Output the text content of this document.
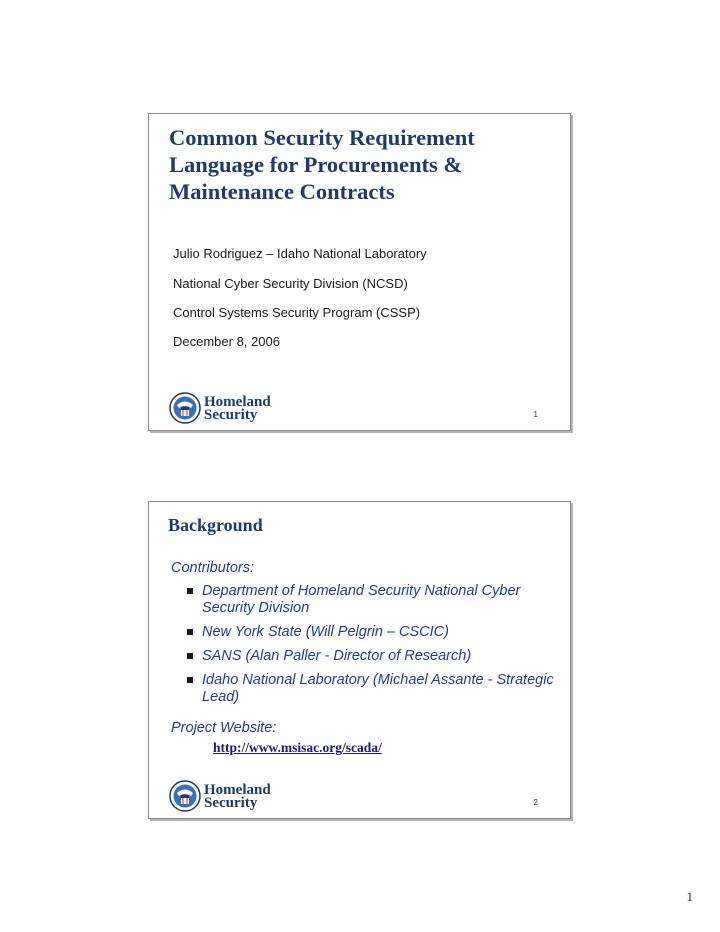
Common Security Requirement Language for Procurements & Maintenance Contracts

Julio Rodriguez – Idaho National Laboratory

National Cyber Security Division (NCSD)

Control Systems Security Program (CSSP)

December 8, 2006

Homeland
Security	1

Background

Contributors:

Department of Homeland Security National Cyber Security Division
New York State (Will Pelgrin – CSCIC)
SANS (Alan Paller - Director of Research)
Idaho National Laboratory (Michael Assante - Strategic Lead)

Project Website:

http://www.msisac.org/scada/

Homeland
Security	2

1
